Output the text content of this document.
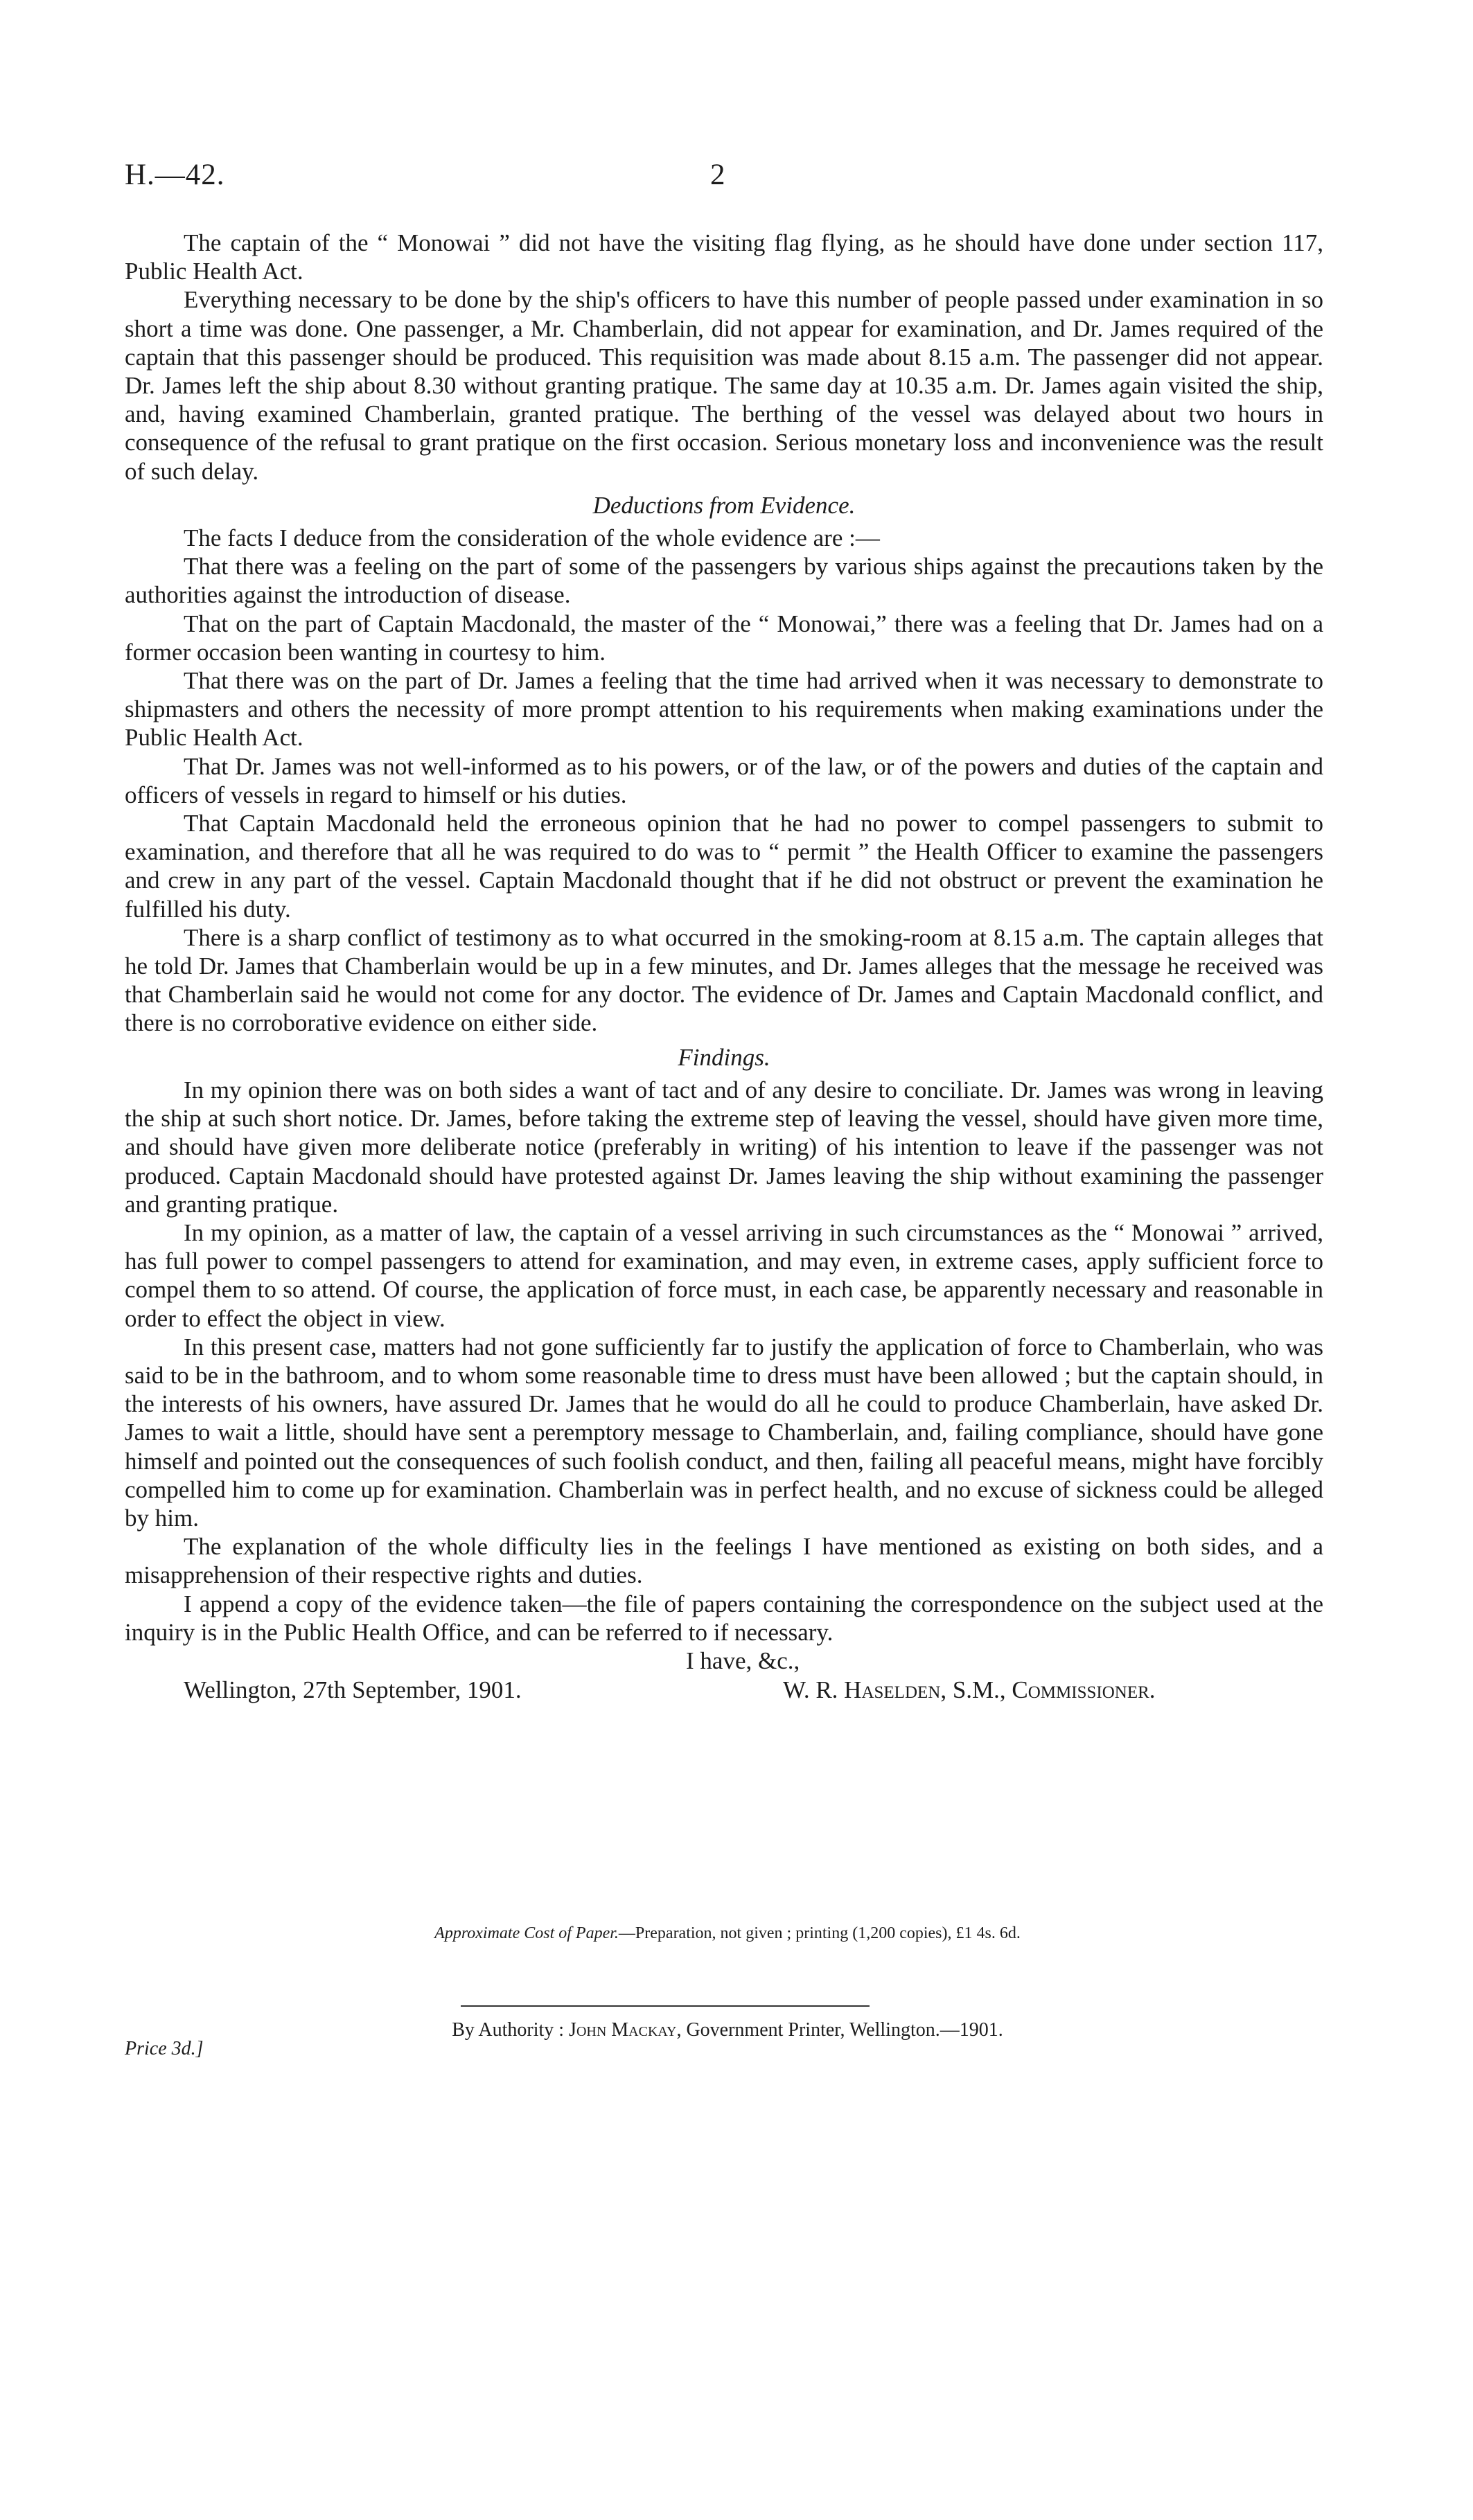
H.—42.	2

The captain of the “ Monowai ” did not have the visiting flag flying, as he should have done under section 117, Public Health Act.

Everything necessary to be done by the ship's officers to have this number of people passed under examination in so short a time was done. One passenger, a Mr. Chamberlain, did not appear for examination, and Dr. James required of the captain that this passenger should be produced. This requisition was made about 8.15 a.m. The passenger did not appear. Dr. James left the ship about 8.30 without granting pratique. The same day at 10.35 a.m. Dr. James again visited the ship, and, having examined Chamberlain, granted pratique. The berthing of the vessel was delayed about two hours in consequence of the refusal to grant pratique on the first occasion. Serious monetary loss and inconvenience was the result of such delay.

Deductions from Evidence.

The facts I deduce from the consideration of the whole evidence are :—

That there was a feeling on the part of some of the passengers by various ships against the precautions taken by the authorities against the introduction of disease.

That on the part of Captain Macdonald, the master of the “ Monowai,” there was a feeling that Dr. James had on a former occasion been wanting in courtesy to him.

That there was on the part of Dr. James a feeling that the time had arrived when it was necessary to demonstrate to shipmasters and others the necessity of more prompt attention to his requirements when making examinations under the Public Health Act.

That Dr. James was not well-informed as to his powers, or of the law, or of the powers and duties of the captain and officers of vessels in regard to himself or his duties.

That Captain Macdonald held the erroneous opinion that he had no power to compel passengers to submit to examination, and therefore that all he was required to do was to “ permit ” the Health Officer to examine the passengers and crew in any part of the vessel. Captain Macdonald thought that if he did not obstruct or prevent the examination he fulfilled his duty.

There is a sharp conflict of testimony as to what occurred in the smoking-room at 8.15 a.m. The captain alleges that he told Dr. James that Chamberlain would be up in a few minutes, and Dr. James alleges that the message he received was that Chamberlain said he would not come for any doctor. The evidence of Dr. James and Captain Macdonald conflict, and there is no corroborative evidence on either side.

Findings.

In my opinion there was on both sides a want of tact and of any desire to conciliate. Dr. James was wrong in leaving the ship at such short notice. Dr. James, before taking the extreme step of leaving the vessel, should have given more time, and should have given more deliberate notice (preferably in writing) of his intention to leave if the passenger was not produced. Captain Macdonald should have protested against Dr. James leaving the ship without examining the passenger and granting pratique.

In my opinion, as a matter of law, the captain of a vessel arriving in such circumstances as the “ Monowai ” arrived, has full power to compel passengers to attend for examination, and may even, in extreme cases, apply sufficient force to compel them to so attend. Of course, the application of force must, in each case, be apparently necessary and reasonable in order to effect the object in view.

In this present case, matters had not gone sufficiently far to justify the application of force to Chamberlain, who was said to be in the bathroom, and to whom some reasonable time to dress must have been allowed ; but the captain should, in the interests of his owners, have assured Dr. James that he would do all he could to produce Chamberlain, have asked Dr. James to wait a little, should have sent a peremptory message to Chamberlain, and, failing compliance, should have gone himself and pointed out the consequences of such foolish conduct, and then, failing all peaceful means, might have forcibly compelled him to come up for examination. Chamberlain was in perfect health, and no excuse of sickness could be alleged by him.

The explanation of the whole difficulty lies in the feelings I have mentioned as existing on both sides, and a misapprehension of their respective rights and duties.

I append a copy of the evidence taken—the file of papers containing the correspondence on the subject used at the inquiry is in the Public Health Office, and can be referred to if necessary.

I have, &c.,
Wellington, 27th September, 1901.	W. R. Haselden, S.M., Commissioner.
Approximate Cost of Paper.—Preparation, not given ; printing (1,200 copies), £1 4s. 6d.
By Authority : John Mackay, Government Printer, Wellington.—1901.
Price 3d.]
